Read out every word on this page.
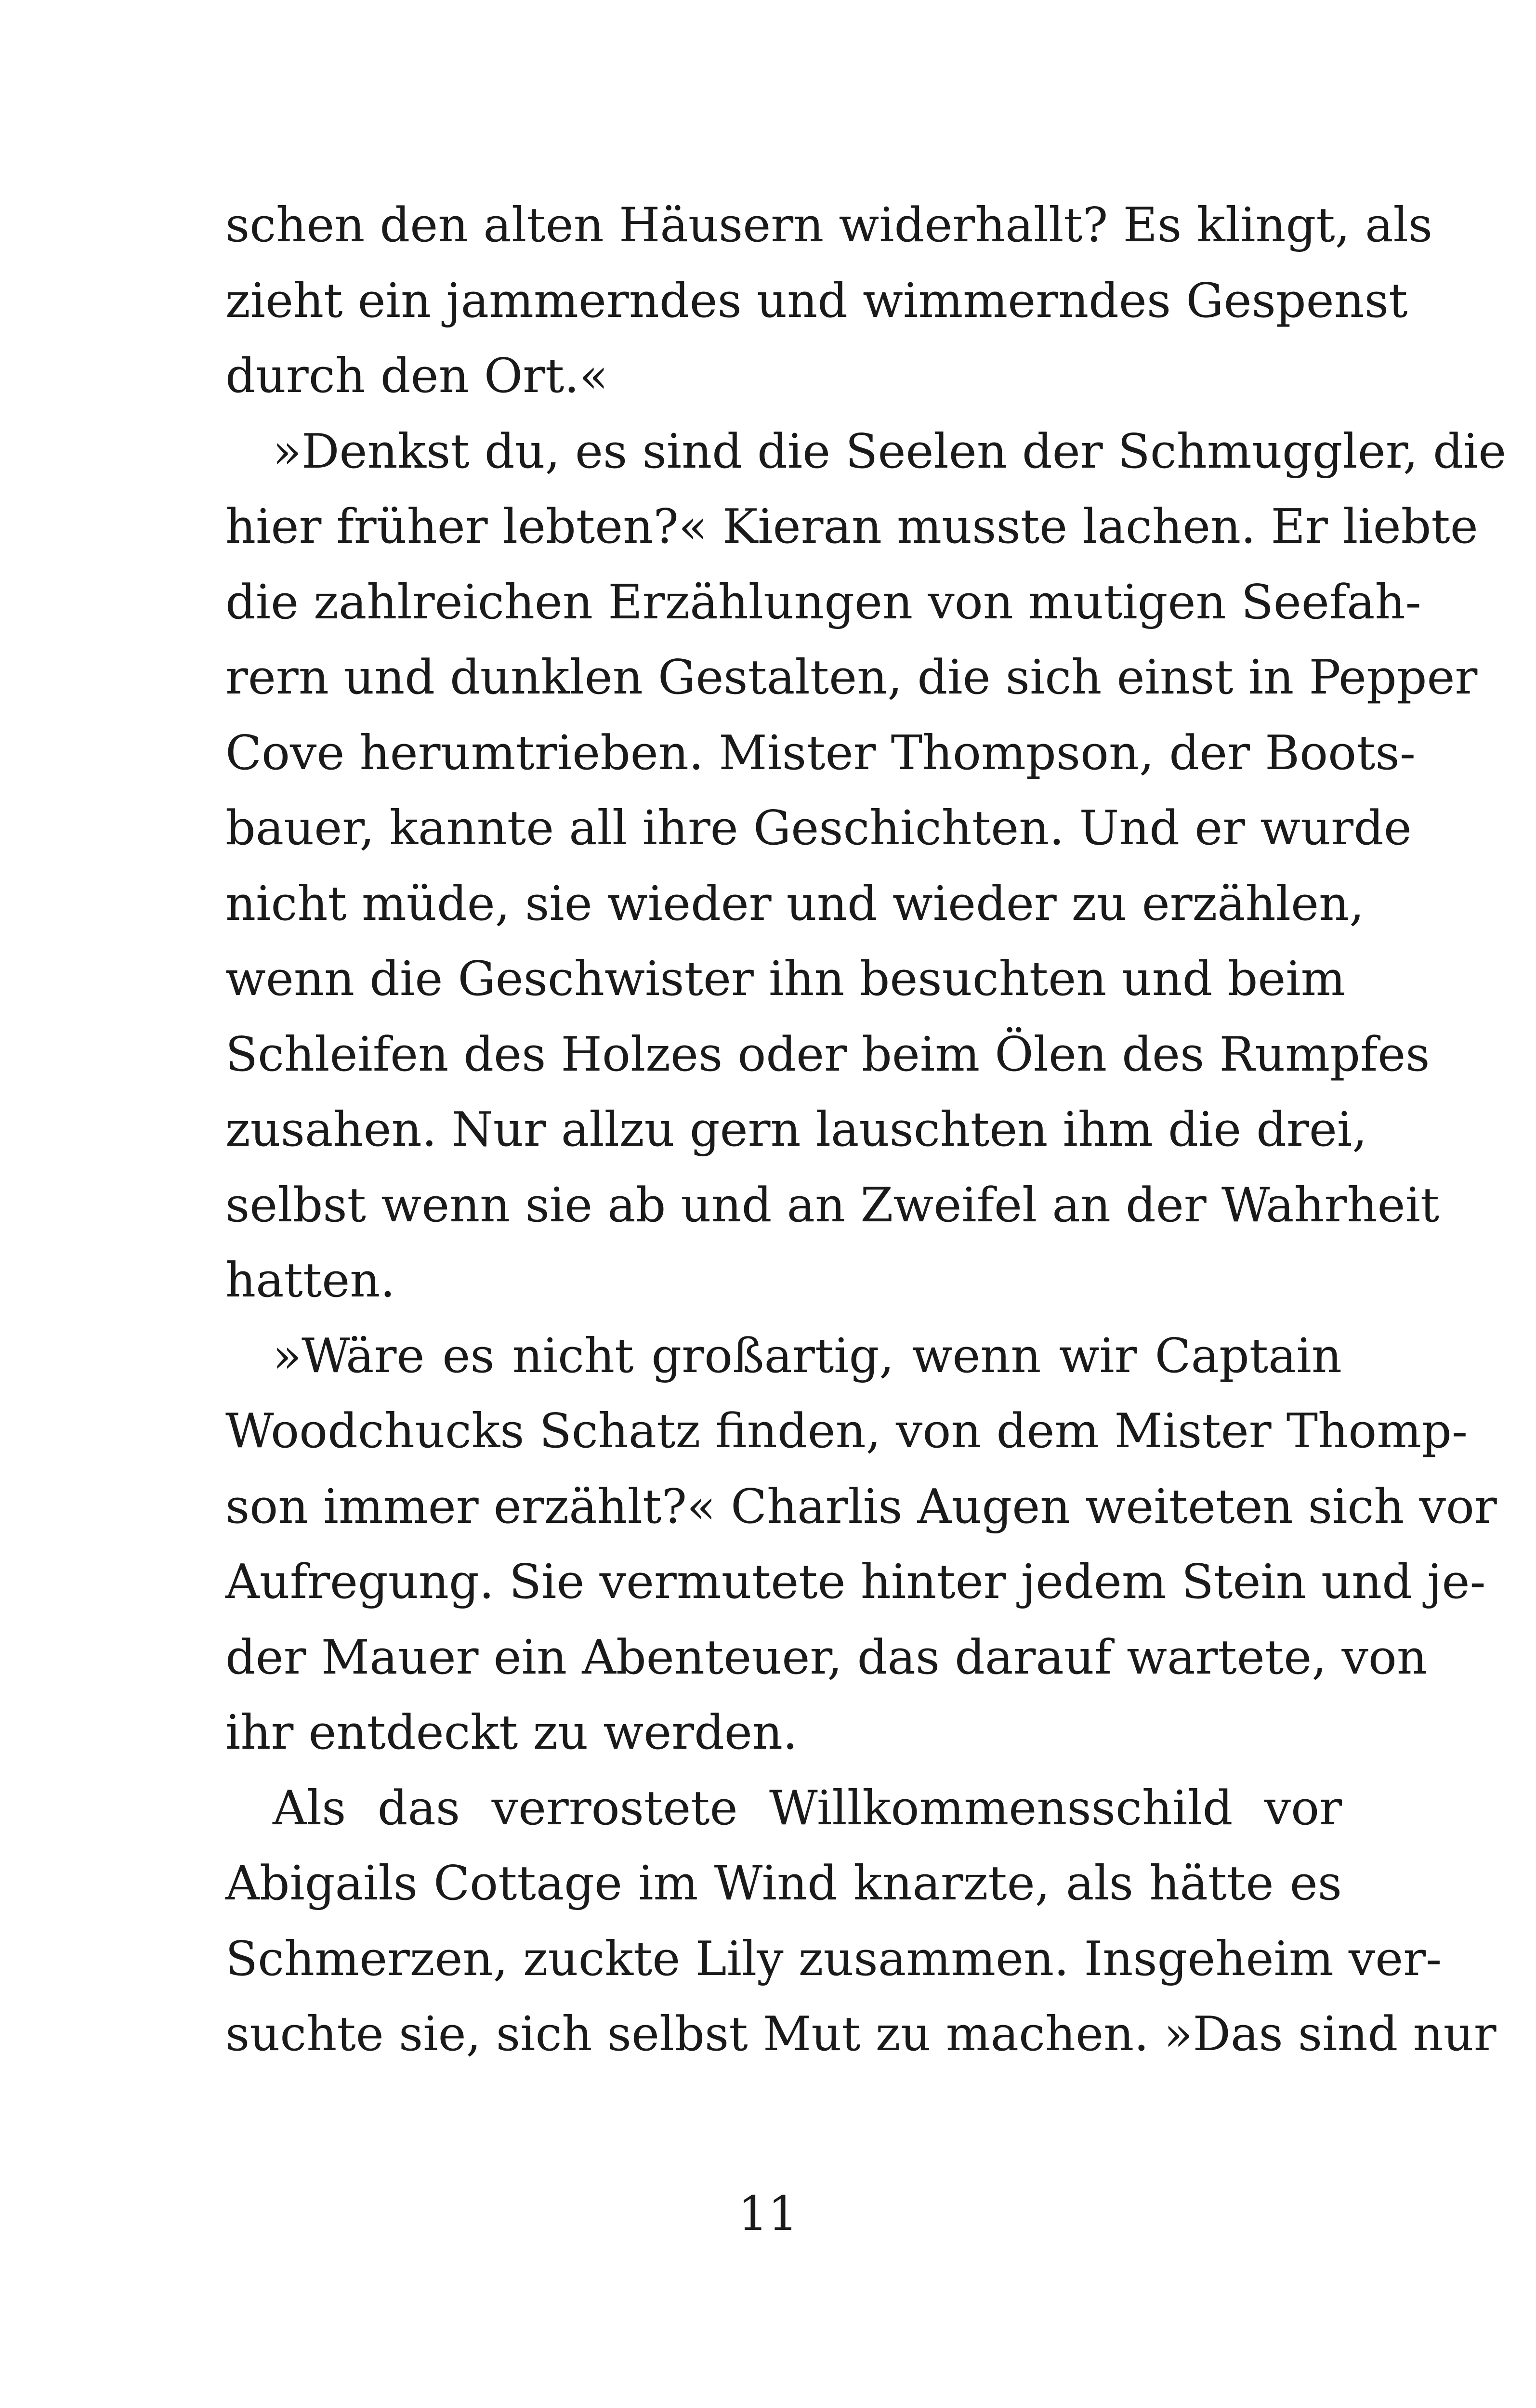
schen den alten Häusern widerhallt? Es klingt, als
zieht ein jammerndes und wimmerndes Gespenst
durch den Ort.«
»Denkst du, es sind die Seelen der Schmuggler, die
hier früher lebten?« Kieran musste lachen. Er liebte
die zahlreichen Erzählungen von mutigen Seefah-
rern und dunklen Gestalten, die sich einst in Pepper
Cove herumtrieben. Mister Thompson, der Boots-
bauer, kannte all ihre Geschichten. Und er wurde
nicht müde, sie wieder und wieder zu erzählen,
wenn die Geschwister ihn besuchten und beim
Schleifen des Holzes oder beim Ölen des Rumpfes
zusahen. Nur allzu gern lauschten ihm die drei,
selbst wenn sie ab und an Zweifel an der Wahrheit
hatten.
»Wäre es nicht großartig, wenn wir Captain
Woodchucks Schatz finden, von dem Mister Thomp-
son immer erzählt?« Charlis Augen weiteten sich vor
Aufregung. Sie vermutete hinter jedem Stein und je-
der Mauer ein Abenteuer, das darauf wartete, von
ihr entdeckt zu werden.
Als das verrostete Willkommensschild vor
Abigails Cottage im Wind knarzte, als hätte es
Schmerzen, zuckte Lily zusammen. Insgeheim ver-
suchte sie, sich selbst Mut zu machen. »Das sind nur
11
